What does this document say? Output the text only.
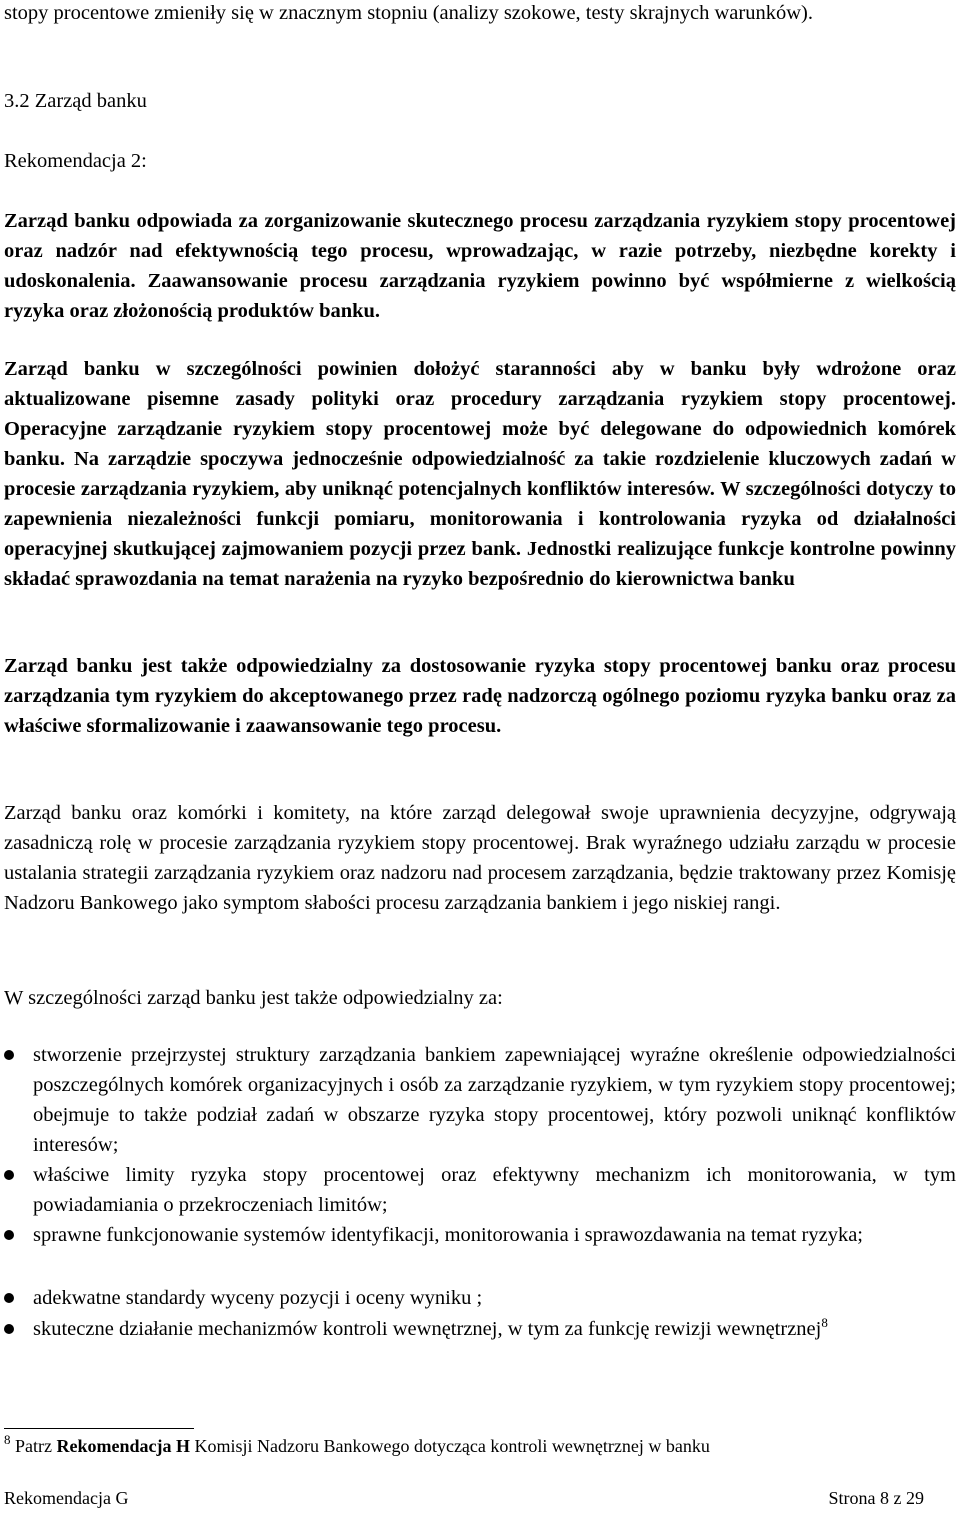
stopy procentowe zmieniły się w znacznym stopniu (analizy szokowe, testy skrajnych warunków).

3.2 Zarząd banku

Rekomendacja 2:

Zarząd banku odpowiada za zorganizowanie skutecznego procesu zarządzania ryzykiem stopy procentowej oraz nadzór nad efektywnością tego procesu, wprowadzając, w razie potrzeby, niezbędne korekty i udoskonalenia. Zaawansowanie procesu zarządzania ryzykiem powinno być współmierne z wielkością ryzyka oraz złożonością produktów banku.

Zarząd banku w szczególności powinien dołożyć staranności aby w banku były wdrożone oraz aktualizowane pisemne zasady polityki oraz procedury zarządzania ryzykiem stopy procentowej. Operacyjne zarządzanie ryzykiem stopy procentowej może być delegowane do odpowiednich komórek banku. Na zarządzie spoczywa jednocześnie odpowiedzialność za takie rozdzielenie kluczowych zadań w procesie zarządzania ryzykiem, aby uniknąć potencjalnych konfliktów interesów. W szczególności dotyczy to zapewnienia niezależności funkcji pomiaru, monitorowania i kontrolowania ryzyka od działalności operacyjnej skutkującej zajmowaniem pozycji przez bank. Jednostki realizujące funkcje kontrolne powinny składać sprawozdania na temat narażenia na ryzyko bezpośrednio do kierownictwa banku

Zarząd banku jest także odpowiedzialny za dostosowanie ryzyka stopy procentowej banku oraz procesu zarządzania tym ryzykiem do akceptowanego przez radę nadzorczą ogólnego poziomu ryzyka banku oraz za właściwe sformalizowanie i zaawansowanie tego procesu.

Zarząd banku oraz komórki i komitety, na które zarząd delegował swoje uprawnienia decyzyjne, odgrywają zasadniczą rolę w procesie zarządzania ryzykiem stopy procentowej. Brak wyraźnego udziału zarządu w procesie ustalania strategii zarządzania ryzykiem oraz nadzoru nad procesem zarządzania, będzie traktowany przez Komisję Nadzoru Bankowego jako symptom słabości procesu zarządzania bankiem i jego niskiej rangi.

W szczególności zarząd banku jest także odpowiedzialny za:

stworzenie przejrzystej struktury zarządzania bankiem zapewniającej wyraźne określenie odpowiedzialności poszczególnych komórek organizacyjnych i osób za zarządzanie ryzykiem, w tym ryzykiem stopy procentowej; obejmuje to także podział zadań w obszarze ryzyka stopy procentowej, który pozwoli uniknąć konfliktów interesów;
właściwe limity ryzyka stopy procentowej oraz efektywny mechanizm ich monitorowania, w tym powiadamiania o przekroczeniach limitów;
sprawne funkcjonowanie systemów identyfikacji, monitorowania i sprawozdawania na temat ryzyka;
adekwatne standardy wyceny pozycji i oceny wyniku ;
skuteczne działanie mechanizmów kontroli wewnętrznej, w tym za funkcję rewizji wewnętrznej$^8$

$^8$ Patrz Rekomendacja H Komisji Nadzoru Bankowego dotycząca kontroli wewnętrznej w banku

Rekomendacja G	Strona 8 z 29
